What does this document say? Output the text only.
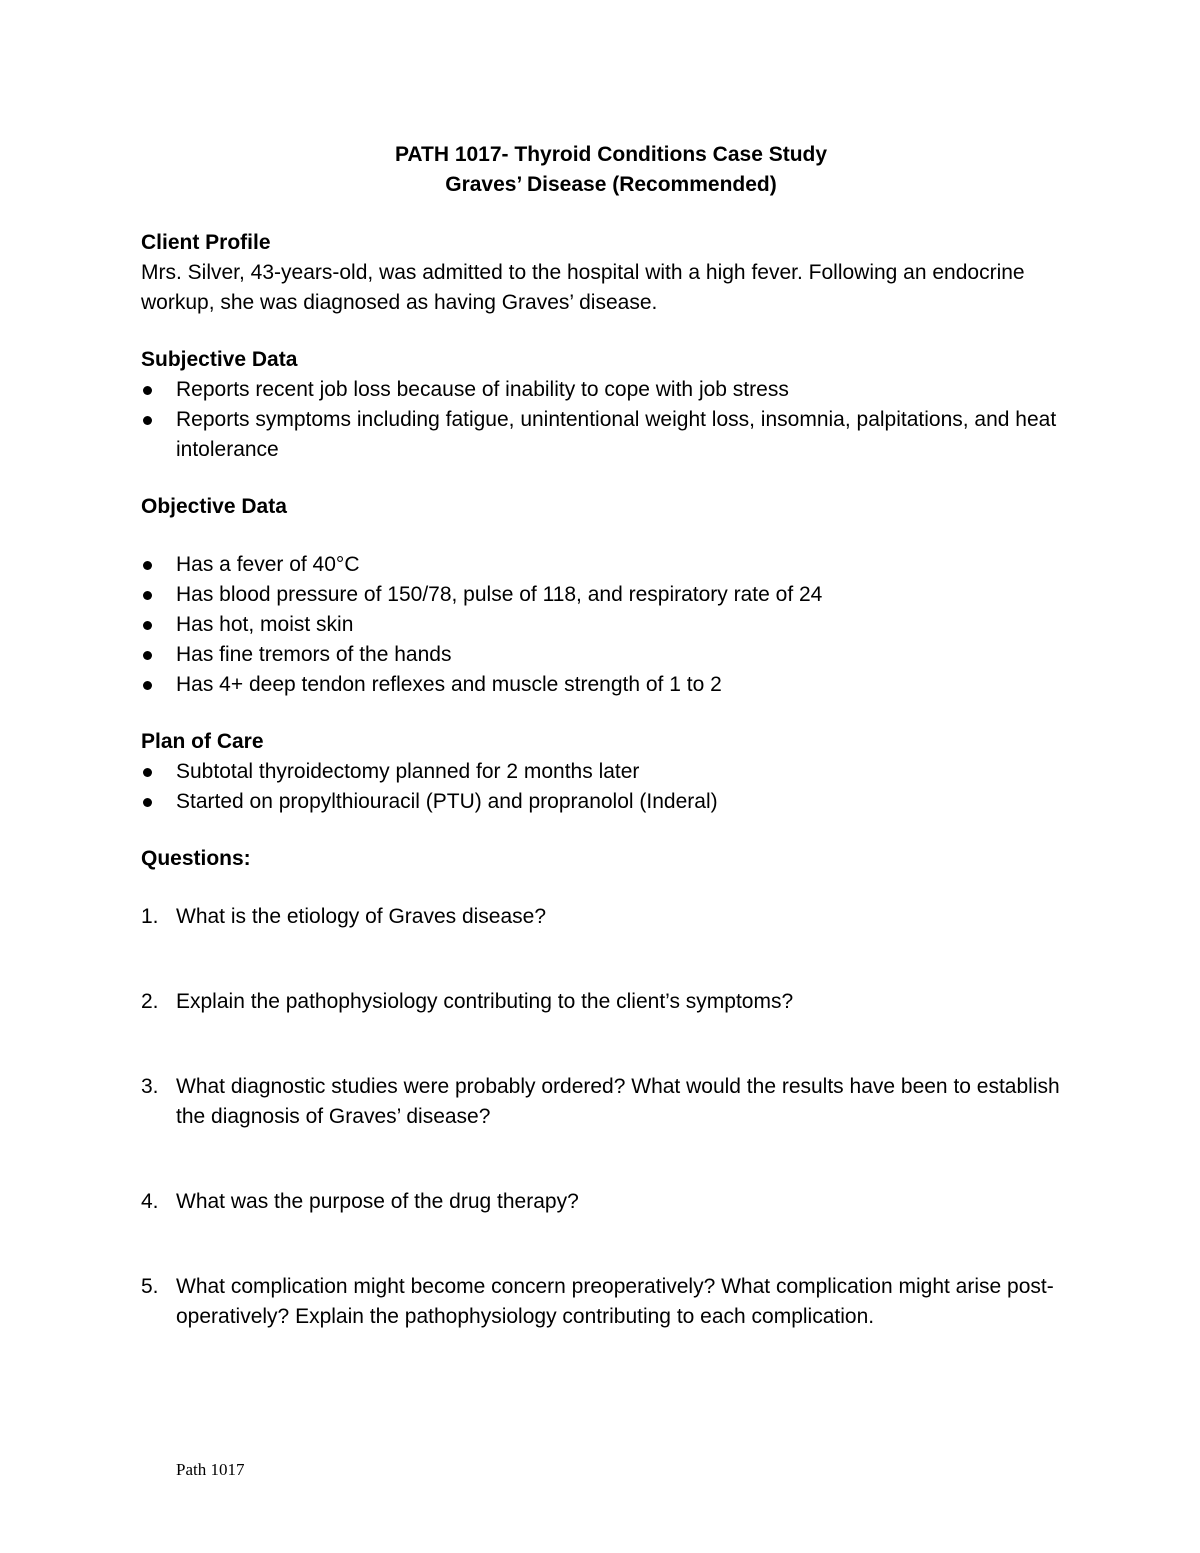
PATH 1017- Thyroid Conditions Case Study
Graves’ Disease (Recommended)
Client Profile

Mrs. Silver, 43-years-old, was admitted to the hospital with a high fever. Following an endocrine workup, she was diagnosed as having Graves’ disease.

Subjective Data
Reports recent job loss because of inability to cope with job stress
Reports symptoms including fatigue, unintentional weight loss, insomnia, palpitations, and heat intolerance
Objective Data
Has a fever of 40°C
Has blood pressure of 150/78, pulse of 118, and respiratory rate of 24
Has hot, moist skin
Has fine tremors of the hands
Has 4+ deep tendon reflexes and muscle strength of 1 to 2
Plan of Care
Subtotal thyroidectomy planned for 2 months later
Started on propylthiouracil (PTU) and propranolol (Inderal)
Questions:
1. What is the etiology of Graves disease?
2. Explain the pathophysiology contributing to the client’s symptoms?
3. What diagnostic studies were probably ordered? What would the results have been to establish the diagnosis of Graves’ disease?
4. What was the purpose of the drug therapy?
5. What complication might become concern preoperatively? What complication might arise post-operatively? Explain the pathophysiology contributing to each complication.
Path 1017
